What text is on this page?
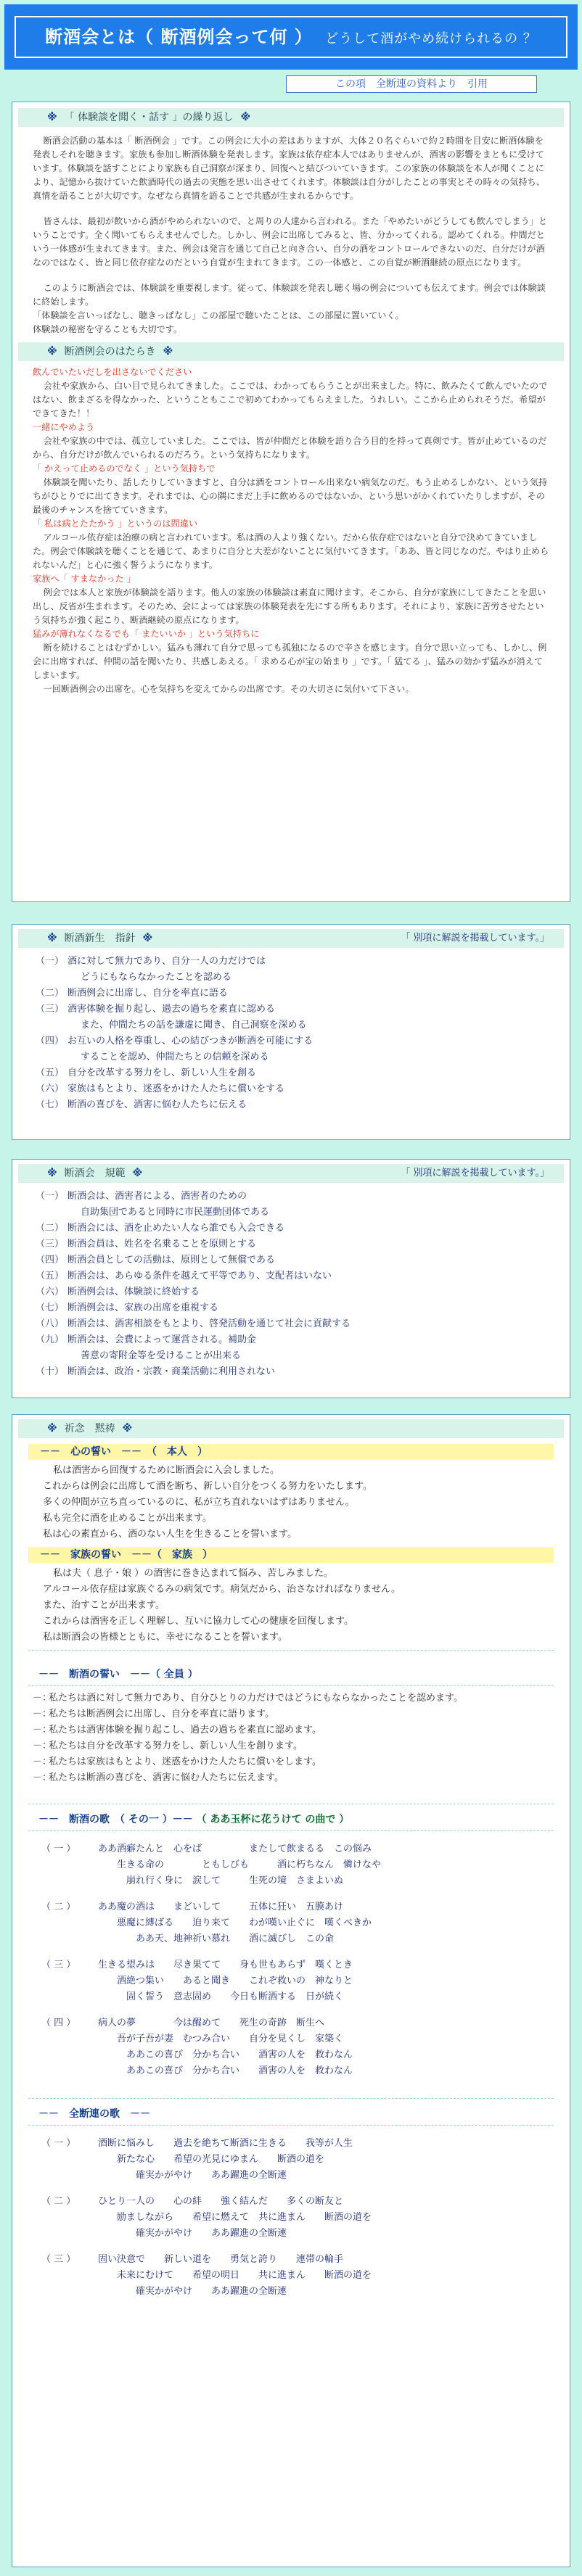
断酒会とは（ 断酒例会って何 ） どうして酒がやめ続けられるの ？
この項　全断連の資料より　引用
※ 「 体験談を聞く・話す 」の繰り返し ※

断酒会活動の基本は「 断酒例会 」です。この例会に大小の差はありますが、大体２０名ぐらいで約２時間を目安に断酒体験を発表しそれを聴きます。家族も参加し断酒体験を発表します。家族は依存症本人ではありませんが、酒害の影響をまともに受けています。体験談を話すことにより家族も自己洞察が深まり、回復へと結びついていきます。この家族の体験談を本人が聞くことにより、記憶から抜けていた飲酒時代の過去の実態を思い出させてくれます。体験談は自分がしたことの事実とその時々の気持ち、真情を語ることが大切です。なぜなら真情を語ることで共感が生まれるからです。

皆さんは、最初が飲いから酒がやめられないので、と周りの人達から言われる。また「やめたいがどうしても飲んでしまう」ということです。全く聞いてもらえませんでした。しかし、例会に出席してみると、皆、分かってくれる。認めてくれる。仲間だという一体感が生まれてきます。また、例会は発言を通じて自己と向き合い、自分の酒をコントロールできないのだ、自分だけが酒なのではなく、皆と同じ依存症なのだという自覚が生まれてきます。この一体感と、この自覚が断酒継続の原点になります。

このように断酒会では、体験談を重要視します。従って、体験談を発表し聴く場の例会についても伝えてます。例会では体験談に終始します。

「体験談を言いっぱなし、聴きっぱなし」この部屋で聴いたことは、この部屋に置いていく。

体験談の秘密を守ることも大切です。

※ 断酒例会のはたらき ※

飲んでいたいだしを出さないでください

会社や家族から、白い目で見られてきました。ここでは、わかってもらうことが出来ました。特に、飲みたくて飲んでいたのではない、飲まざるを得なかった、ということもここで初めてわかってもらえました。うれしい。ここから止められそうだ。希望ができてきた！！

一緒にやめよう

会社や家族の中では、孤立していました。ここでは、皆が仲間だと体験を語り合う目的を持って真剣です。皆が止めているのだから、自分だけが飲んでいられるのだろう。という気持ちになります。

「 かえって止めるのでなく 」という気持ちで

体験談を聞いたり、話したりしていきますと、自分は酒をコントロール出来ない病気なのだ。もう止めるしかない、という気持ちがひとりでに出てきます。それまでは、心の隅にまだ上手に飲めるのではないか、という思いがかくれていたりしますが、その最後のチャンスを捨てていきます。

「 私は病とたたかう 」というのは間違い

アルコール依存症は治療の病と言われています。私は酒の人より強くない。だから依存症ではないと自分で決めてきていました。例会で体験談を聴くことを通じて、あまりに自分と大差がないことに気付いてきます。「ああ、皆と同じなのだ。やはり止められないんだ」と心に強く誓うようになります。

家族へ「 すまなかった 」

例会では本人と家族が体験談を語ります。他人の家族の体験談は素直に聞けます。そこから、自分が家族にしてきたことを思い出し、反省が生まれます。そのため、会によっては家族の体験発表を先にする所もあります。それにより、家族に苦労させたという気持ちが強く起こり、断酒継続の原点になります。

猛みが薄れなくなるでも「 またいいか 」という気持ちに

断を続けることはむずかしい。猛みも薄れて自分で思っても孤独になるので辛さを感じます。自分で思い立っても、しかし、例会に出席すれば、仲間の話を聞いたり、共感しあえる。「 求める心が宝の始まり 」です。「 猛てる 」、猛みの効かず猛みが消えてしまいます。

一回断酒例会の出席を。心を気持ちを変えてからの出席です。その大切さに気付いて下さい。

※ 断酒新生　指針 ※	「 別項に解説を掲載しています。」
（一） 酒に対して無力であり、自分一人の力だけでは
どうにもならなかったことを認める
（二） 断酒例会に出席し、自分を率直に語る
（三） 酒害体験を掘り起し、過去の過ちを素直に認める
また、仲間たちの話を謙虚に聞き、自己洞察を深める
（四） お互いの人格を尊重し、心の結びつきが断酒を可能にする
することを認め、仲間たちとの信頼を深める
（五） 自分を改革する努力をし、新しい人生を創る
（六） 家族はもとより、迷惑をかけた人たちに償いをする
（七） 断酒の喜びを、酒害に悩む人たちに伝える
※ 断酒会　規範 ※	「 別項に解説を掲載しています。」
（一） 断酒会は、酒害者による、酒害者のための
自助集団であると同時に市民運動団体である
（二） 断酒会には、酒を止めたい人なら誰でも入会できる
（三） 断酒会員は、姓名を名乗ることを原則とする
（四） 断酒会員としての活動は、原則として無償である
（五） 断酒会は、あらゆる条件を越えて平等であり、支配者はいない
（六） 断酒例会は、体験談に終始する
（七） 断酒例会は、家族の出席を重視する
（八） 断酒会は、酒害相談をもとより、啓発活動を通じて社会に貢献する
（九） 断酒会は、会費によって運営される。補助金
善意の寄附金等を受けることが出来る
（十） 断酒会は、政治・宗教・商業活動に利用されない
※ 祈念　黙祷 ※
－－　心の誓い　－－　（　本人　）

私は酒害から回復するために断酒会に入会しました。

これからは例会に出席して酒を断ち、新しい自分をつくる努力をいたします。

多くの仲間が立ち直っているのに、私が立ち直れないはずはありません。

私も完全に酒を止めることが出来ます。

私は心の素直から、酒のない人生を生きることを誓います。

－－　家族の誓い　－－（　家族　）

私は夫（ 息子・娘 ）の酒害に巻き込まれて悩み、苦しみました。

アルコール依存症は家族ぐるみの病気です。病気だから、治さなければなりません。

また、治すことが出来ます。

これからは酒害を正しく理解し、互いに協力して心の健康を回復します。

私は断酒会の皆様とともに、幸せになることを誓います。

－－　断酒の誓い　－－（ 全員 ）
－：
私たちは酒に対して無力であり、自分ひとりの力だけではどうにもならなかったことを認めます。
－：
私たちは断酒例会に出席し、自分を率直に語ります。
－：
私たちは酒害体験を掘り起こし、過去の過ちを素直に認めます。
－：
私たちは自分を改革する努力をし、新しい人生を創ります。
－：
私たちは家族はもとより、迷惑をかけた人たちに償いをします。
－：
私たちは断酒の喜びを、酒害に悩む人たちに伝えます。
－－　断酒の歌　（ その一 ）－－ （ ああ玉杯に花うけて の曲で ）
（ 一 ）	ああ酒癖たんと　心をば　　　　　またして飲まるる　この悩み
　　生きる命の　　　　ともしびも　　　酒に朽ちなん　憐けなや
　　　崩れ行く身に　涙して　　　生死の境　さまよいぬ
（ 二 ）	ああ魔の酒は　　まどいして　　　五体に狂い　五膜あけ
　　悪魔に縛ばる　　迫り来て　　わが嘆い止ぐに　嘆くべきか
　　　　ああ天、地神祈い慕れ　　酒に滅びし　この命
（ 三 ）	生きる望みは　　尽き果てて　　身も世もあらず　嘆くとき
　　酒絶つ集い　　あると聞き　　これぞ救いの　神なりと
　　　固く誓う　意志固め　　今日も断酒する　日が続く
（ 四 ）	病人の夢　　　　今は醒めて　　死生の奇跡　断生へ
　　吾が子吾が妻　むつみ合い　　自分を見くし　家築く
　　　ああこの喜び　分かち合い　　酒害の人を　救わなん
　　　ああこの喜び　分かち合い　　酒害の人を　救わなん
－－　全断連の歌　－－
（ 一 ）	酒断に悩みし　　過去を絶ちて断酒に生きる　　我等が人生
　　新たな心　　希望の光見にゆまん　　断酒の道を
　　　　確実かがやけ　　ああ躍進の全断連
（ 二 ）	ひとり一人の　　心の絆　　強く結んだ　　多くの断友と
　　励ましながら　　希望に燃えて　共に進まん　　断酒の道を
　　　　確実かがやけ　　ああ躍進の全断連
（ 三 ）	固い決意で　　新しい道を　　勇気と誇り　　連帯の輪手
　　未来にむけて　　希望の明日　　共に進まん　　断酒の道を
　　　　確実かがやけ　　ああ躍進の全断連
